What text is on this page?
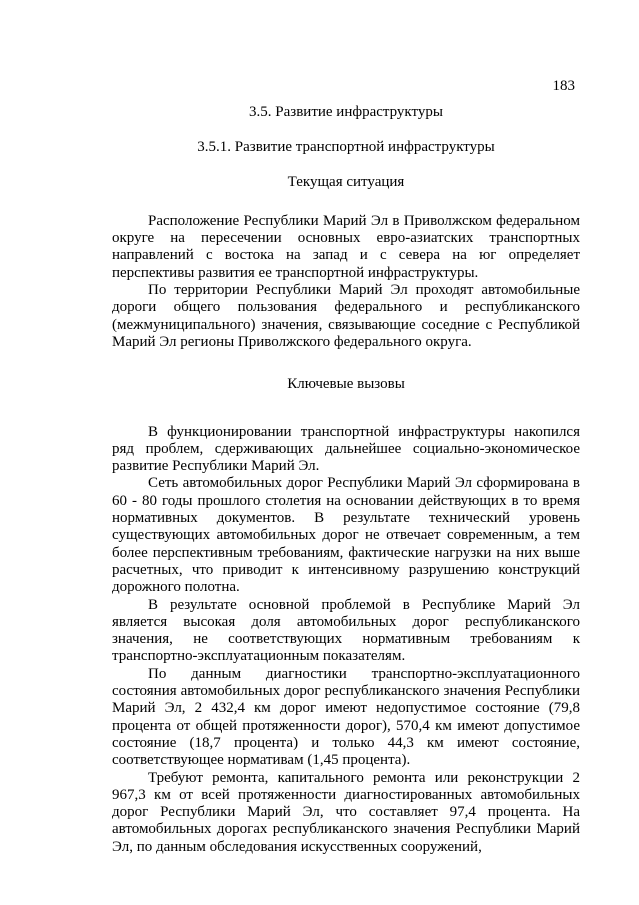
183
3.5. Развитие инфраструктуры
3.5.1. Развитие транспортной инфраструктуры
Текущая ситуация

Расположение Республики Марий Эл в Приволжском федеральном округе на пересечении основных евро-азиатских транспортных направлений с востока на запад и с севера на юг определяет перспективы развития ее транспортной инфраструктуры.

По территории Республики Марий Эл проходят автомобильные дороги общего пользования федерального и республиканского (межмуниципального) значения, связывающие соседние с Республикой Марий Эл регионы Приволжского федерального округа.

Ключевые вызовы

В функционировании транспортной инфраструктуры накопился ряд проблем, сдерживающих дальнейшее социально-экономическое развитие Республики Марий Эл.

Сеть автомобильных дорог Республики Марий Эл сформирована в 60 - 80 годы прошлого столетия на основании действующих в то время нормативных документов. В результате технический уровень существующих автомобильных дорог не отвечает современным, а тем более перспективным требованиям, фактические нагрузки на них выше расчетных, что приводит к интенсивному разрушению конструкций дорожного полотна.

В результате основной проблемой в Республике Марий Эл является высокая доля автомобильных дорог республиканского значения, не соответствующих нормативным требованиям к транспортно-эксплуатационным показателям.

По данным диагностики транспортно-эксплуатационного состояния автомобильных дорог республиканского значения Республики Марий Эл, 2 432,4 км дорог имеют недопустимое состояние (79,8 процента от общей протяженности дорог), 570,4 км имеют допустимое состояние (18,7 процента) и только 44,3 км имеют состояние, соответствующее нормативам (1,45 процента).

Требуют ремонта, капитального ремонта или реконструкции 2 967,3 км от всей протяженности диагностированных автомобильных дорог Республики Марий Эл, что составляет 97,4 процента. На автомобильных дорогах республиканского значения Республики Марий Эл, по данным обследования искусственных сооружений,
